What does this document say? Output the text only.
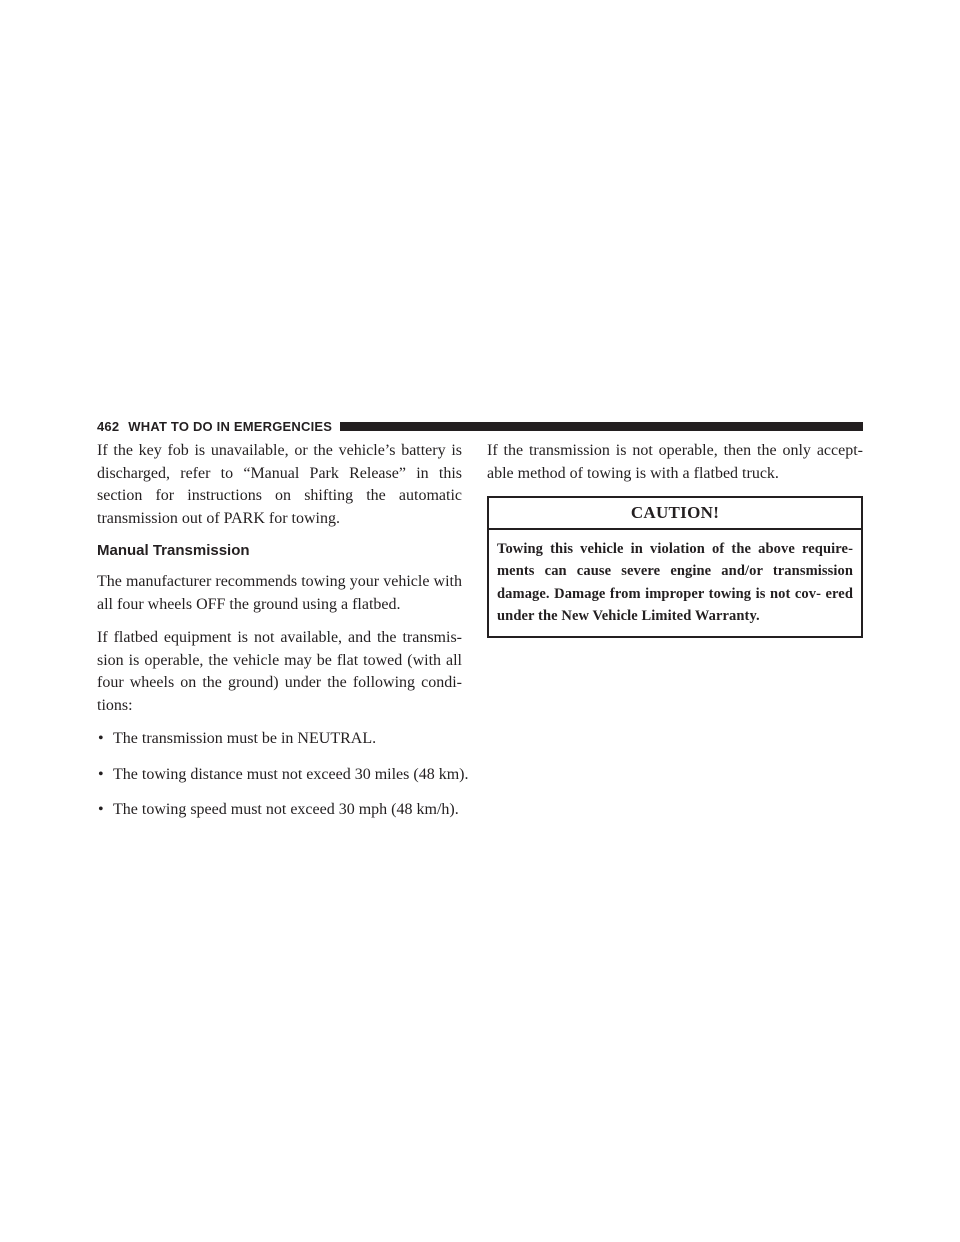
462 WHAT TO DO IN EMERGENCIES

If the key fob is unavailable, or the vehicle’s battery is discharged, refer to “Manual Park Release” in this section for instructions on shifting the automatic transmission out of PARK for towing.

Manual Transmission

The manufacturer recommends towing your vehicle with all four wheels OFF the ground using a flatbed.

If flatbed equipment is not available, and the transmis- sion is operable, the vehicle may be flat towed (with all four wheels on the ground) under the following condi- tions:

• The transmission must be in NEUTRAL.
• The towing distance must not exceed 30 miles (48 km).
• The towing speed must not exceed 30 mph (48 km/h).

If the transmission is not operable, then the only accept- able method of towing is with a flatbed truck.

CAUTION!
Towing this vehicle in violation of the above require- ments can cause severe engine and/or transmission damage. Damage from improper towing is not cov- ered under the New Vehicle Limited Warranty.
